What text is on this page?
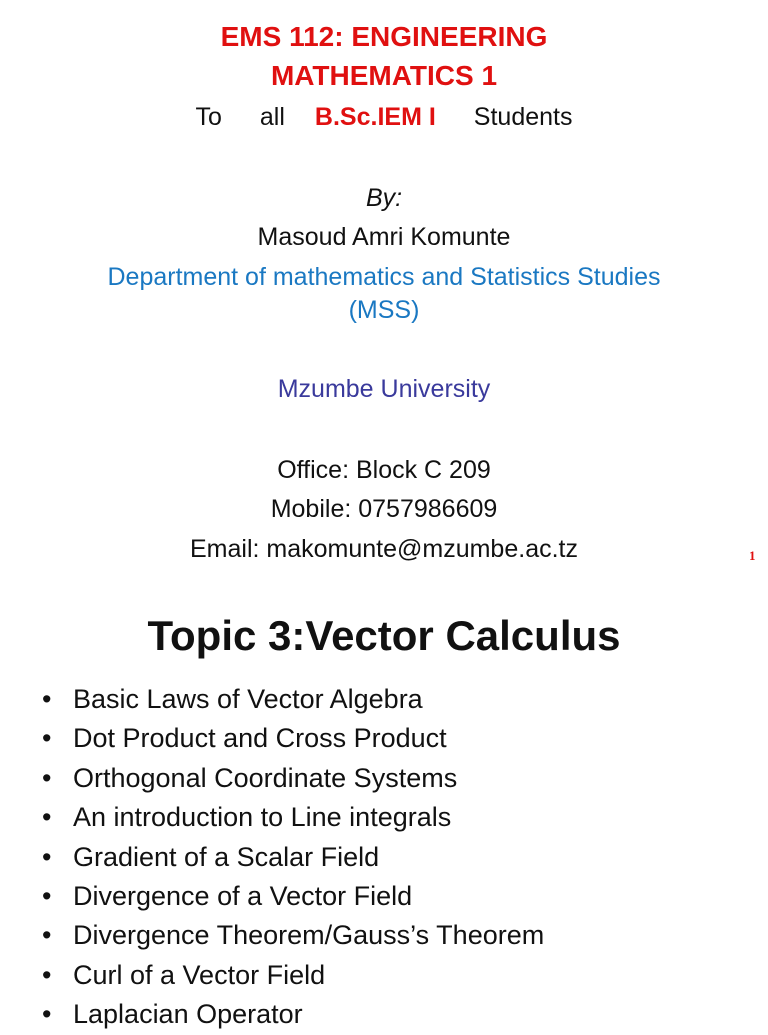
EMS 112: ENGINEERING
MATHEMATICS 1
To all B.Sc.IEM I Students
By:
Masoud Amri Komunte
Department of mathematics and Statistics Studies
(MSS)
Mzumbe University
Office: Block C 209
Mobile: 0757986609
Email: makomunte@mzumbe.ac.tz	1
Topic 3:Vector Calculus
• Basic Laws of Vector Algebra
• Dot Product and Cross Product
• Orthogonal Coordinate Systems
• An introduction to Line integrals
• Gradient of a Scalar Field
• Divergence of a Vector Field
• Divergence Theorem/Gauss’s Theorem
• Curl of a Vector Field
• Laplacian Operator
